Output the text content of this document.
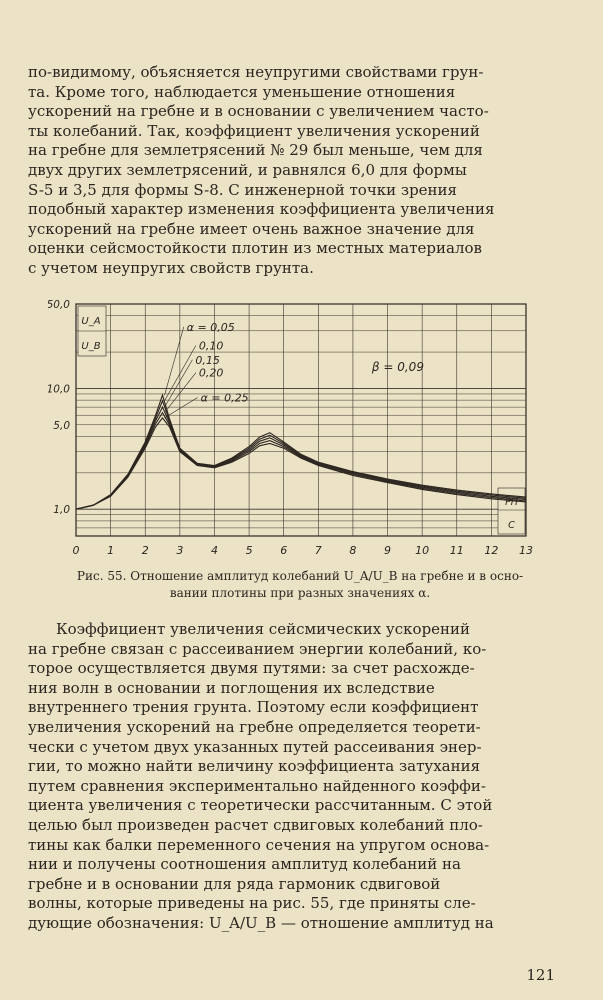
по-видимому, объясняется неупругими свойствами грун-
та. Кроме того, наблюдается уменьшение отношения
ускорений на гребне и в основании с увеличением часто-
ты колебаний. Так, коэффициент увеличения ускорений
на гребне для землетрясений № 29 был меньше, чем для
двух других землетрясений, и равнялся 6,0 для формы
S-5 и 3,5 для формы S-8. С инженерной точки зрения
подобный характер изменения коэффициента увеличения
ускорений на гребне имеет очень важное значение для
оценки сейсмостойкости плотин из местных материалов
с учетом неупругих свойств грунта.
0	1	2	3	4	5	6	7	8	9 10 11 12 13
1,0
5,0
10,0
50,0
U_A
U_B
PH
C
β = 0,09
α = 0,05
0,10
0,15
0,20
α = 0,25
Рис. 55. Отношение амплитуд колебаний U_A/U_B на гребне и в осно-
вании плотины при разных значениях α.
Коэффициент увеличения сейсмических ускорений
на гребне связан с рассеиванием энергии колебаний, ко-
торое осуществляется двумя путями: за счет расхожде-
ния волн в основании и поглощения их вследствие
внутреннего трения грунта. Поэтому если коэффициент
увеличения ускорений на гребне определяется теорети-
чески с учетом двух указанных путей рассеивания энер-
гии, то можно найти величину коэффициента затухания
путем сравнения экспериментально найденного коэффи-
циента увеличения с теоретически рассчитанным. С этой
целью был произведен расчет сдвиговых колебаний пло-
тины как балки переменного сечения на упругом основа-
нии и получены соотношения амплитуд колебаний на
гребне и в основании для ряда гармоник сдвиговой
волны, которые приведены на рис. 55, где приняты сле-
дующие обозначения: U_A/U_B — отношение амплитуд на
121
